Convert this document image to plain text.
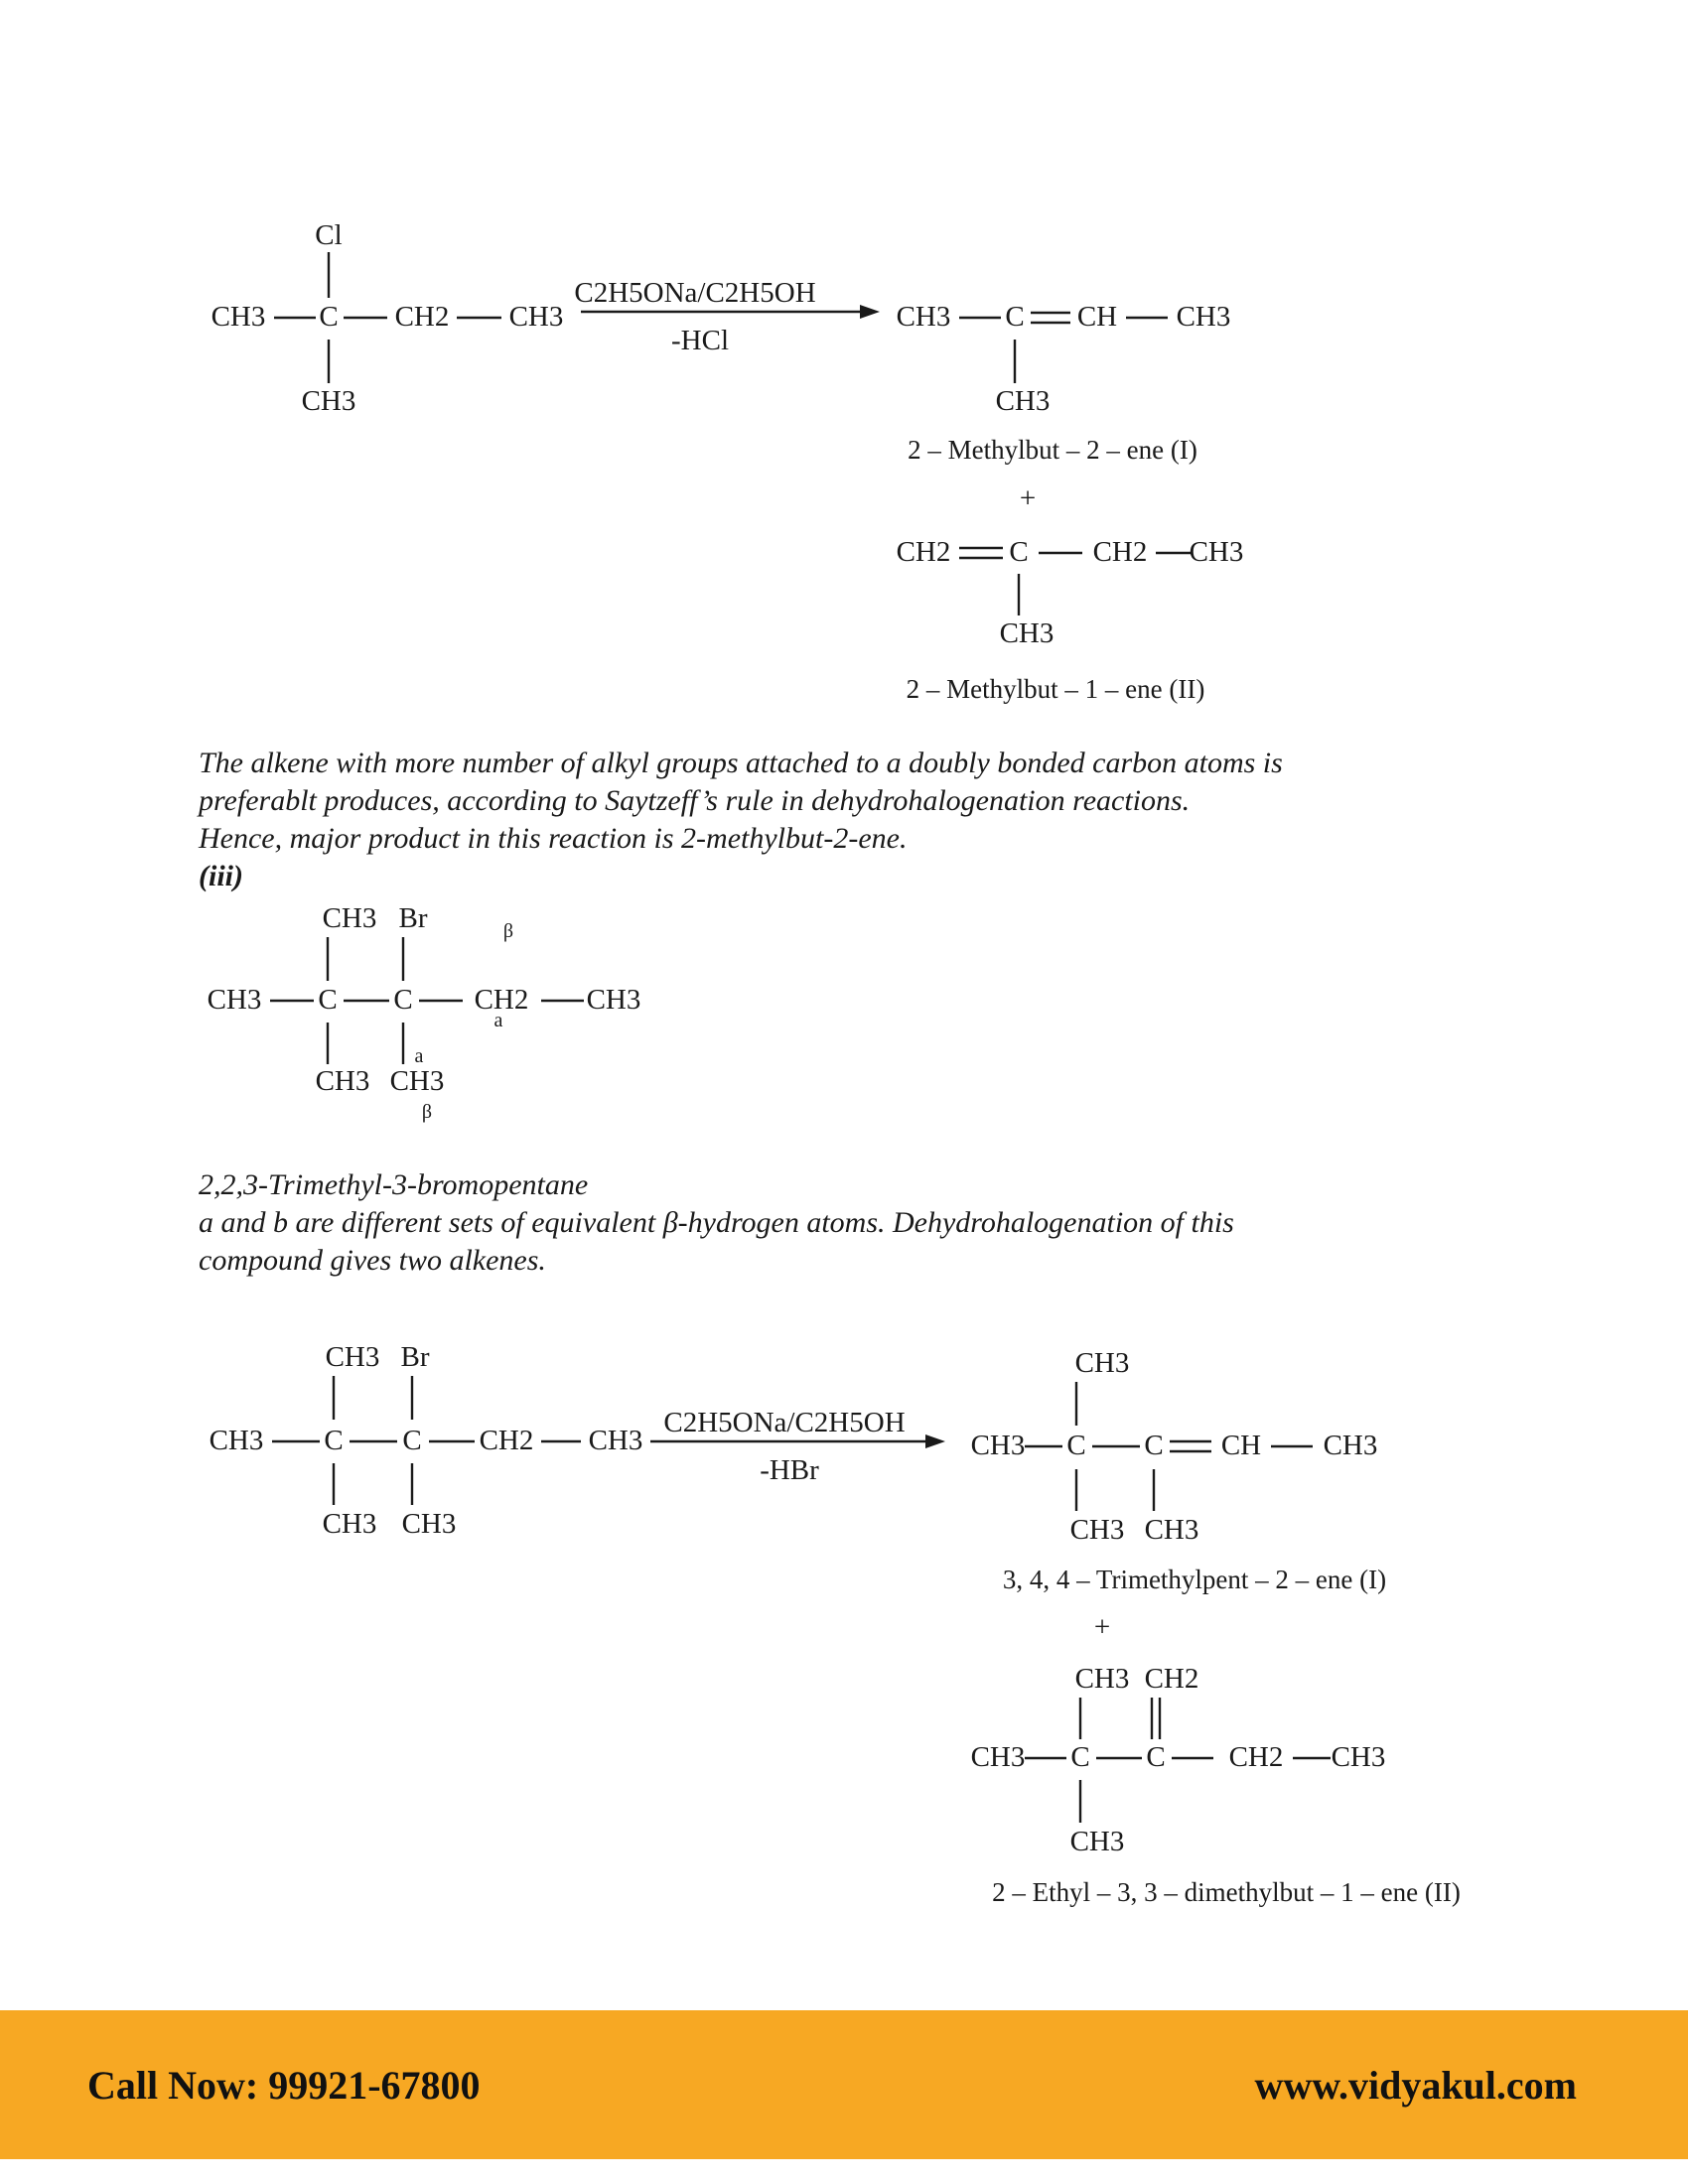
Cl
CH3 C CH2 CH3
CH3
C2H5ONa/C2H5OH
-HCl
CH3 C CH CH3
CH3
2 – Methylbut – 2 – ene (I)
+
CH2 C CH2 CH3
CH3
2 – Methylbut – 1 – ene (II)
CH3 Br	β
CH3 C C CH2
a
CH3
a
CH3 CH3
β
CH3 Br
CH3 C C CH2 CH3
CH3 CH3
C2H5ONa/C2H5OH
-HBr
CH3
CH3 C C CH CH3
CH3 CH3
3, 4, 4 – Trimethylpent – 2 – ene (I)
+
CH3 CH2
CH3 C C CH2 CH3
CH3
2 – Ethyl – 3, 3 – dimethylbut – 1 – ene (II)
The alkene with more number of alkyl groups attached to a doubly bonded carbon atoms is
preferablt produces, according to Saytzeff’s rule in dehydrohalogenation reactions.
Hence, major product in this reaction is 2-methylbut-2-ene.
(iii)
2,2,3-Trimethyl-3-bromopentane
a and b are different sets of equivalent β-hydrogen atoms. Dehydrohalogenation of this
compound gives two alkenes.
Call Now: 99921-67800	www.vidyakul.com
